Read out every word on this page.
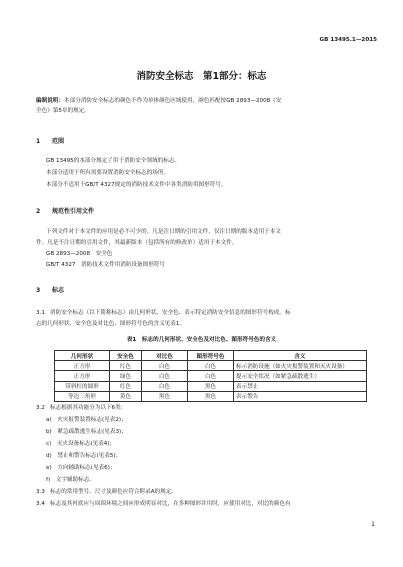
GB 13495.1—2015
消防安全标志　第1部分：标志
编制说明： 本部分消防安全标志的颜色不作为单体颜色区域使用，颜色匹配按GB 2893—2008《安
全色》第5章的规定。
1 范围
GB 13495的本部分规定了用于消防安全领域的标志。
本部分适用于所有需要设置消防安全标志的场所。
本部分不适用于GB/T 4327规定的消防技术文件中各类消防用图形符号。
2 规范性引用文件
下列文件对于本文件的应用是必不可少的。凡是注日期的引用文件，仅注日期的版本适用于本文
件。凡是不注日期的引用文件，其最新版本（包括所有的修改单）适用于本文件。
GB 2893—2008　安全色
GB/T 4327　消防技术文件用消防设备图形符号
3 标志
3.1 消防安全标志（以下简称标志）由几何形状、安全色、表示特定消防安全信息的图形符号构成。标
志的几何形状、安全色及对比色、图形符号色的含义见表1。
表1　标志的几何形状、安全色及对比色、图形符号色的含义
几何形状	安全色	对比色	图形符号色	含义
正方形	红色	白色	白色	标示消防设施（如火灾报警装置和灭火设备）
正方形	绿色	白色	白色	提示安全状况（如紧急疏散逃生）
带斜杠的圆形	红色	白色	黑色	表示禁止
等边三角形	黄色	黑色	黑色	表示警告
3.2 标志根据其功能分为以下6类：
a)　火灾报警装置标志(见表2)；
b)　紧急疏散逃生标志(见表3)；
c)　灭火设备标志(见表4)；
d)　禁止和警告标志(见表5)；
e)　方向辅助标志(见表6)；
f)　文字辅助标志。
3.3 标志的常用型号、尺寸及颜色应符合附录A的规定。
3.4 标志及其衬底应与周围环境之间应形成明显对比，在多种图形并用时，应使用对比，对比的颜色有
1
